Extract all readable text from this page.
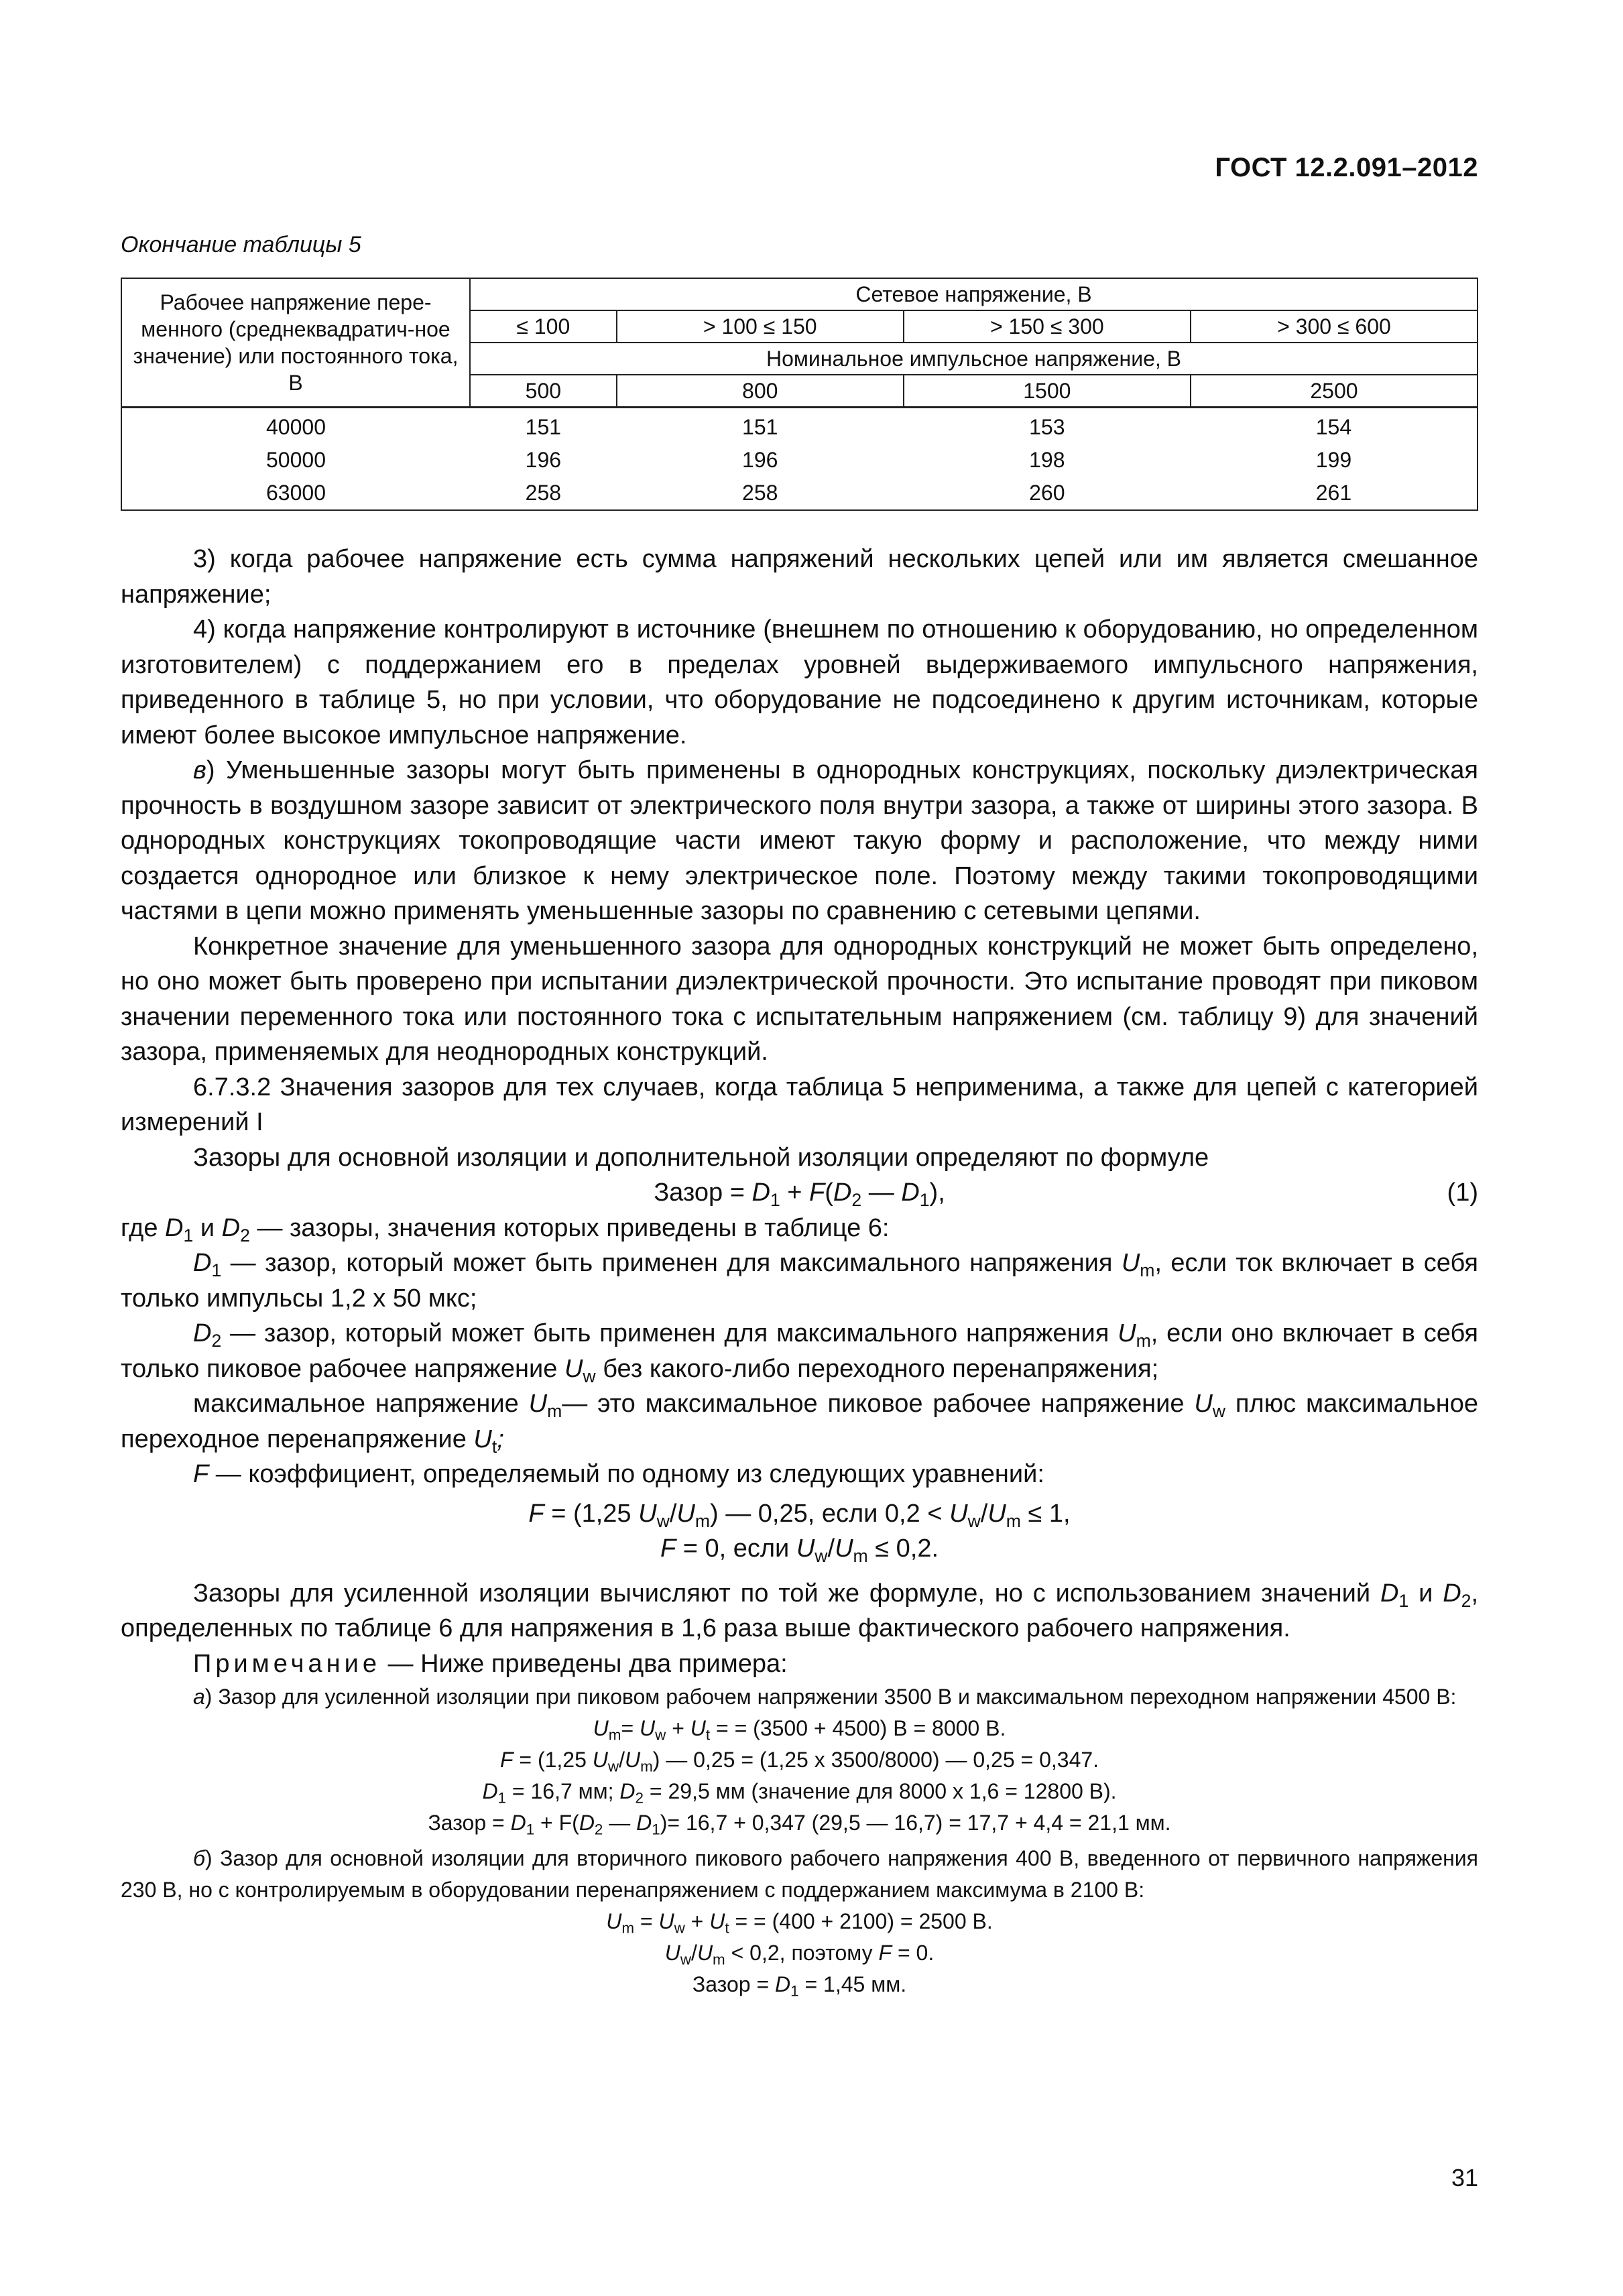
ГОСТ 12.2.091–2012
Окончание таблицы 5
Рабочее напряжение пере-менного (среднеквадратич-ное значение) или постоянного тока, В	Сетевое напряжение, В			
	≤ 100	> 100 ≤ 150	> 150 ≤ 300	> 300 ≤ 600
	Номинальное импульсное напряжение, В			
	500	800	1500	2500
40000	151	151	153	154
50000	196	196	198	199
63000	258	258	260	261

3) когда рабочее напряжение есть сумма напряжений нескольких цепей или им является смешанное напряжение;

4) когда напряжение контролируют в источнике (внешнем по отношению к оборудованию, но определенном изготовителем) с поддержанием его в пределах уровней выдерживаемого импульсного напряжения, приведенного в таблице 5, но при условии, что оборудование не подсоединено к другим источникам, которые имеют более высокое импульсное напряжение.

в) Уменьшенные зазоры могут быть применены в однородных конструкциях, поскольку диэлектрическая прочность в воздушном зазоре зависит от электрического поля внутри зазора, а также от ширины этого зазора. В однородных конструкциях токопроводящие части имеют такую форму и расположение, что между ними создается однородное или близкое к нему электрическое поле. Поэтому между такими токопроводящими частями в цепи можно применять уменьшенные зазоры по сравнению с сетевыми цепями.

Конкретное значение для уменьшенного зазора для однородных конструкций не может быть определено, но оно может быть проверено при испытании диэлектрической прочности. Это испытание проводят при пиковом значении переменного тока или постоянного тока с испытательным напряжением (см. таблицу 9) для значений зазора, применяемых для неоднородных конструкций.

6.7.3.2 Значения зазоров для тех случаев, когда таблица 5 неприменима, а также для цепей с категорией измерений I

Зазоры для основной изоляции и дополнительной изоляции определяют по формуле

Зазор = $D_1 + F(D_2$ — $D_1$),	(1)

где $D_1$ и $D_2$ — зазоры, значения которых приведены в таблице 6:

$D_1$ — зазор, который может быть применен для максимального напряжения $U_m$, если ток включает в себя только импульсы 1,2 x 50 мкс;

$D_2$ — зазор, который может быть применен для максимального напряжения $U_m$, если оно включает в себя только пиковое рабочее напряжение $U_w$ без какого-либо переходного перенапряжения;

максимальное напряжение $U_m—$ это максимальное пиковое рабочее напряжение $U_w$ плюс максимальное переходное перенапряжение $U_t$;

F — коэффициент, определяемый по одному из следующих уравнений:

F = (1,25 $U_w/U_m$) — 0,25, если $0,2 < U_w/U_m \le 1$,
F = 0, если $U_w/U_m \le 0,2$.

Зазоры для усиленной изоляции вычисляют по той же формуле, но с использованием значений $D_1$ и $D_2$, определенных по таблице 6 для напряжения в 1,6 раза выше фактического рабочего напряжения.

Примечание — Ниже приведены два примера:

а) Зазор для усиленной изоляции при пиковом рабочем напряжении 3500 В и максимальном переходном напряжении 4500 В:

$U_m= U_w + U_t$ = = (3500 + 4500) В = 8000 В.
F = (1,25 $U_w/U_m$) — 0,25 = (1,25 x 3500/8000) — 0,25 = 0,347.
$D_1 = 16,7$ мм; $D_2 = 29,5$ мм (значение для 8000 x 1,6 = 12800 В).
Зазор = $D_1 + F(D_2$ — $D_1)= 16,7 + 0,347$ (29,5 — 16,7) = 17,7 + 4,4 = 21,1 мм.

б) Зазор для основной изоляции для вторичного пикового рабочего напряжения 400 В, введенного от первичного напряжения 230 В, но с контролируемым в оборудовании перенапряжением с поддержанием максимума в 2100 В:

$U_m = U_w + U_t$ = = (400 + 2100) = 2500 В.
$U_w/U_m < 0,2$, поэтому F = 0.
Зазор = $D_1 = 1,45$ мм.
31
